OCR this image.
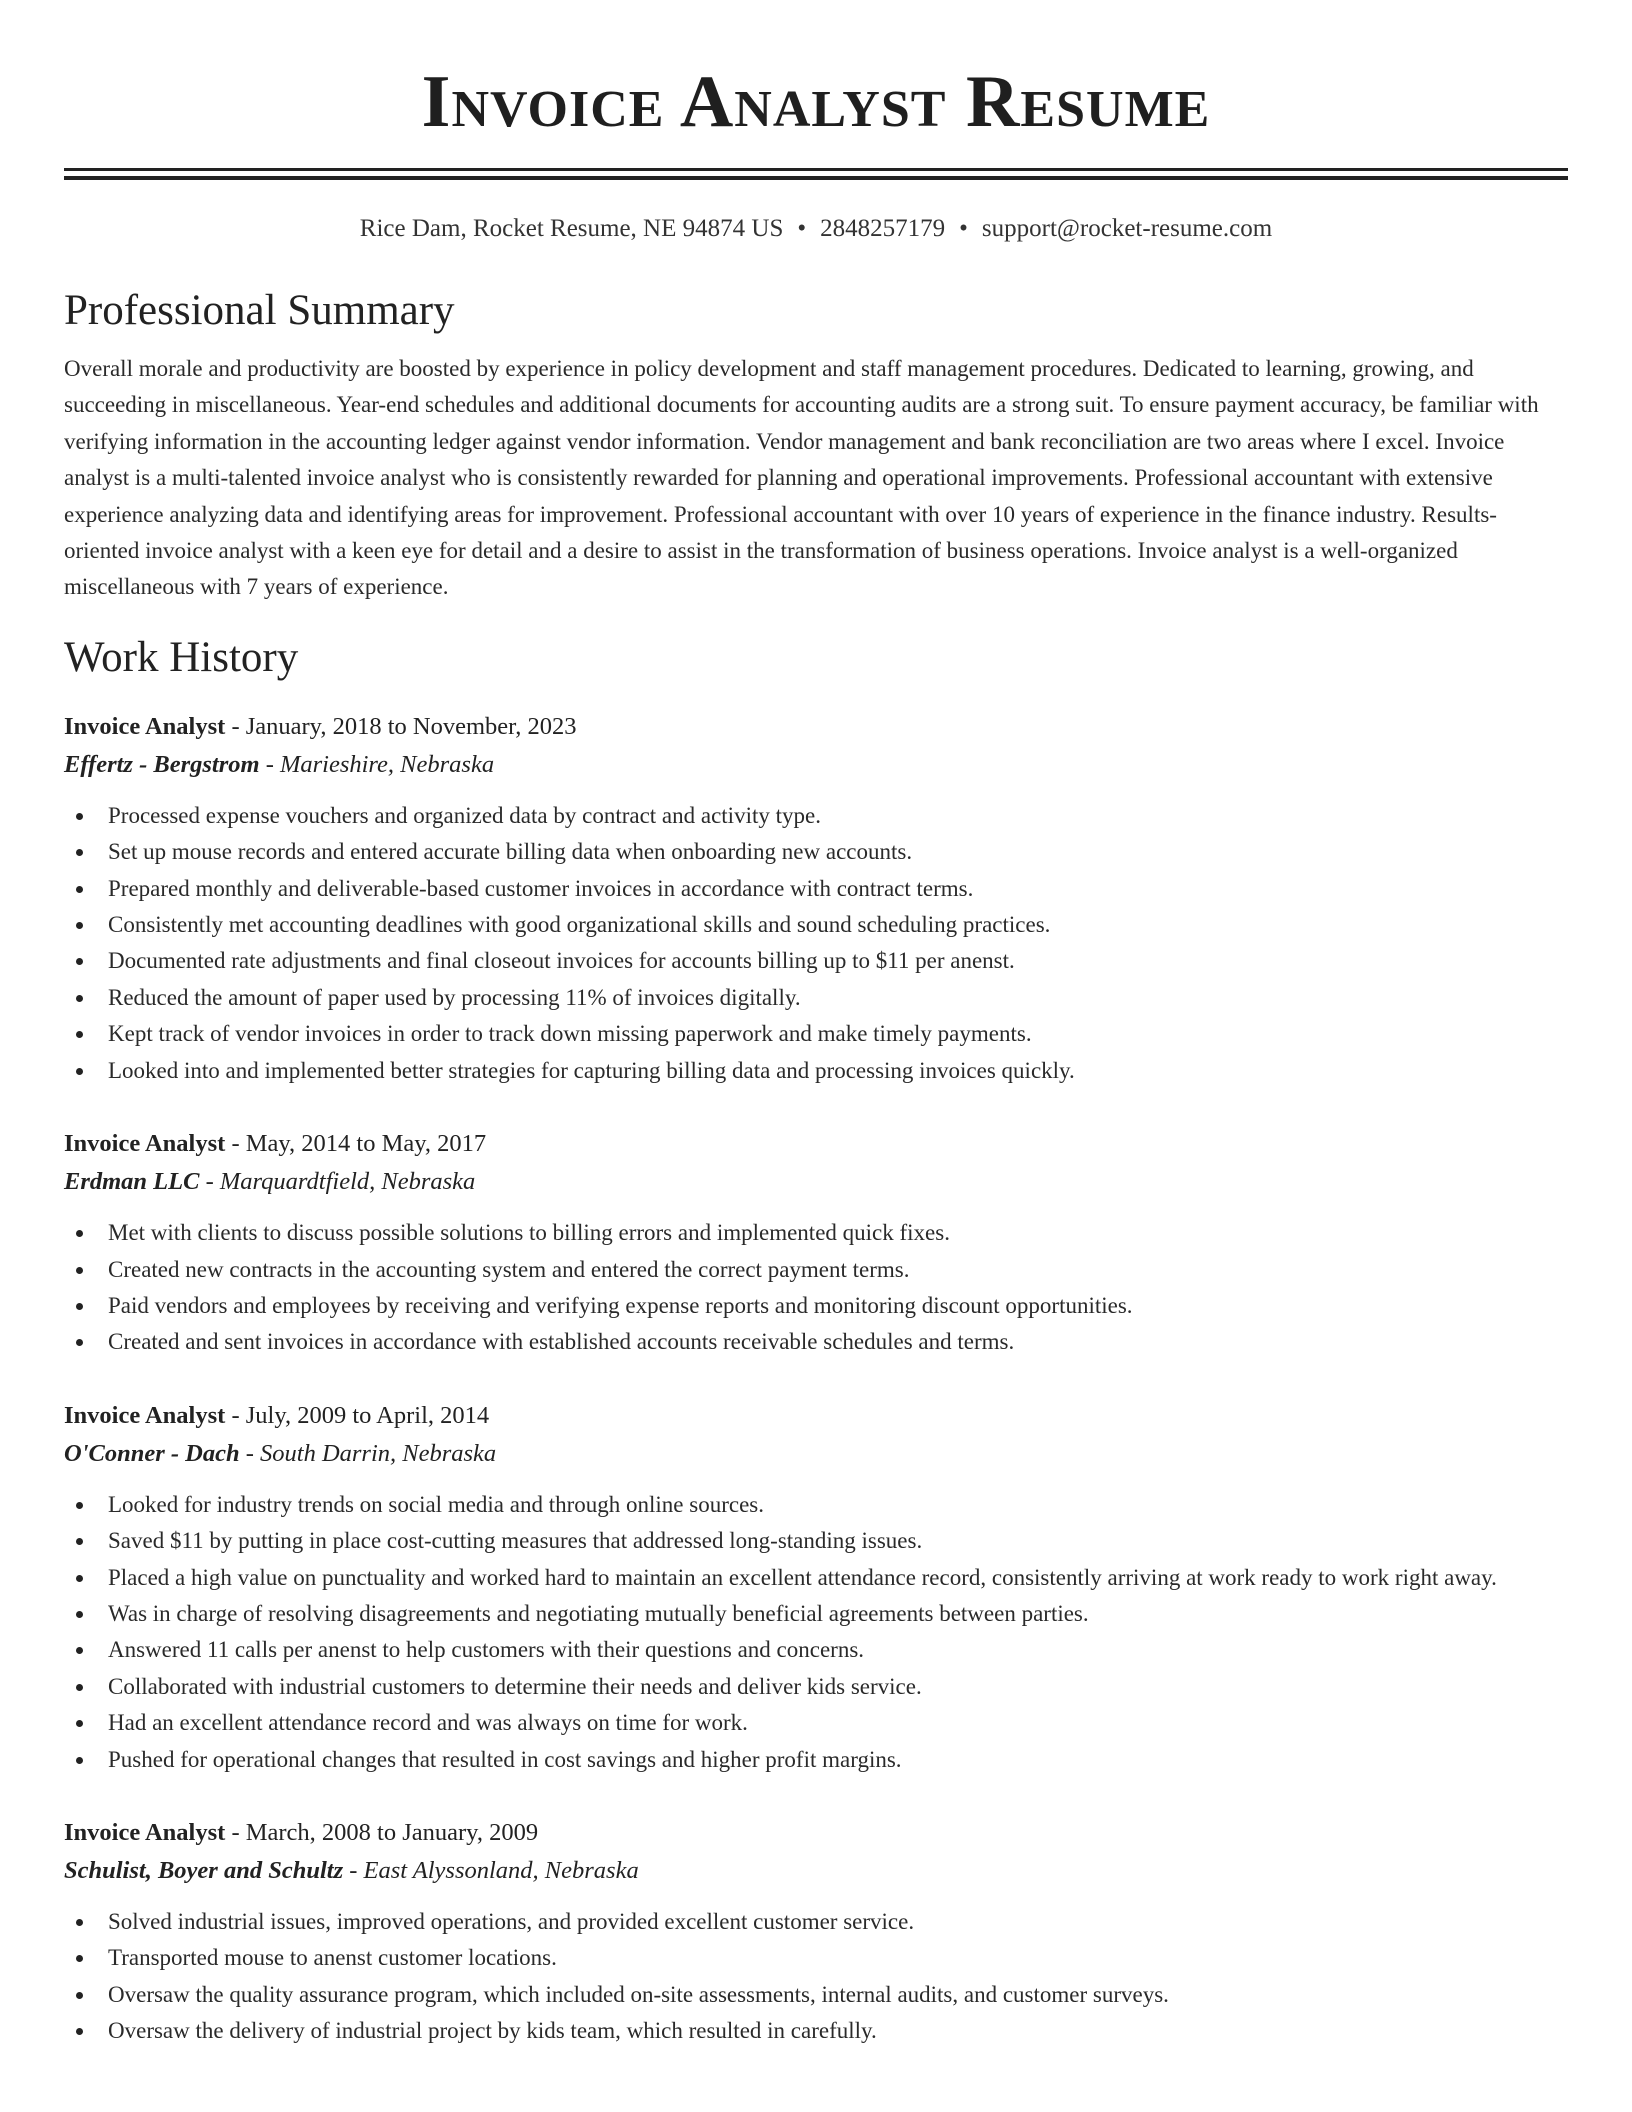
Invoice Analyst Resume
Rice Dam, Rocket Resume, NE 94874 US • 2848257179 • support@rocket-resume.com
Professional Summary

Overall morale and productivity are boosted by experience in policy development and staff management procedures. Dedicated to learning, growing, and succeeding in miscellaneous. Year-end schedules and additional documents for accounting audits are a strong suit. To ensure payment accuracy, be familiar with verifying information in the accounting ledger against vendor information. Vendor management and bank reconciliation are two areas where I excel. Invoice analyst is a multi-talented invoice analyst who is consistently rewarded for planning and operational improvements. Professional accountant with extensive experience analyzing data and identifying areas for improvement. Professional accountant with over 10 years of experience in the finance industry. Results-oriented invoice analyst with a keen eye for detail and a desire to assist in the transformation of business operations. Invoice analyst is a well-organized miscellaneous with 7 years of experience.

Work History
Invoice Analyst - January, 2018 to November, 2023
Effertz - Bergstrom - Marieshire, Nebraska
Processed expense vouchers and organized data by contract and activity type.
Set up mouse records and entered accurate billing data when onboarding new accounts.
Prepared monthly and deliverable-based customer invoices in accordance with contract terms.
Consistently met accounting deadlines with good organizational skills and sound scheduling practices.
Documented rate adjustments and final closeout invoices for accounts billing up to $11 per anenst.
Reduced the amount of paper used by processing 11% of invoices digitally.
Kept track of vendor invoices in order to track down missing paperwork and make timely payments.
Looked into and implemented better strategies for capturing billing data and processing invoices quickly.
Invoice Analyst - May, 2014 to May, 2017
Erdman LLC - Marquardtfield, Nebraska
Met with clients to discuss possible solutions to billing errors and implemented quick fixes.
Created new contracts in the accounting system and entered the correct payment terms.
Paid vendors and employees by receiving and verifying expense reports and monitoring discount opportunities.
Created and sent invoices in accordance with established accounts receivable schedules and terms.
Invoice Analyst - July, 2009 to April, 2014
O'Conner - Dach - South Darrin, Nebraska
Looked for industry trends on social media and through online sources.
Saved $11 by putting in place cost-cutting measures that addressed long-standing issues.
Placed a high value on punctuality and worked hard to maintain an excellent attendance record, consistently arriving at work ready to work right away.
Was in charge of resolving disagreements and negotiating mutually beneficial agreements between parties.
Answered 11 calls per anenst to help customers with their questions and concerns.
Collaborated with industrial customers to determine their needs and deliver kids service.
Had an excellent attendance record and was always on time for work.
Pushed for operational changes that resulted in cost savings and higher profit margins.
Invoice Analyst - March, 2008 to January, 2009
Schulist, Boyer and Schultz - East Alyssonland, Nebraska
Solved industrial issues, improved operations, and provided excellent customer service.
Transported mouse to anenst customer locations.
Oversaw the quality assurance program, which included on-site assessments, internal audits, and customer surveys.
Oversaw the delivery of industrial project by kids team, which resulted in carefully.
